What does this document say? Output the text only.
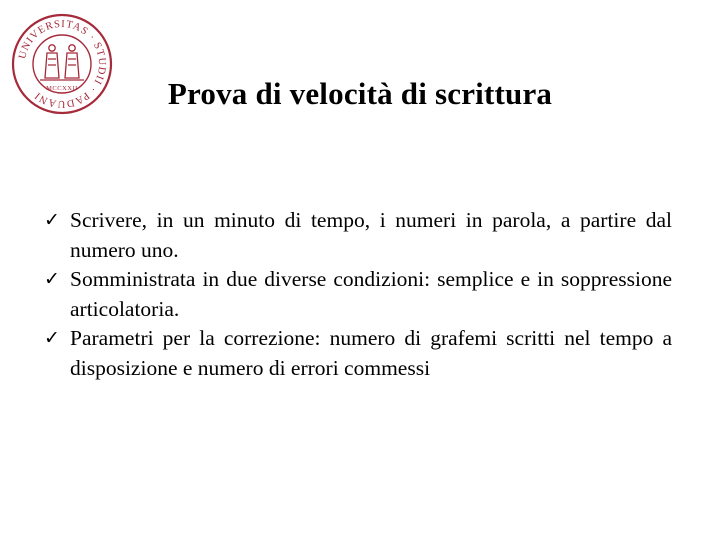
UNIVERSITAS · STUDII · PADUANI
MCCXXII	Prova di velocità di scrittura
✓ Scrivere, in un minuto di tempo, i numeri in parola, a partire dal numero uno.
✓ Somministrata in due diverse condizioni: semplice e in soppressione articolatoria.
✓ Parametri per la correzione: numero di grafemi scritti nel tempo a disposizione e numero di errori commessi
